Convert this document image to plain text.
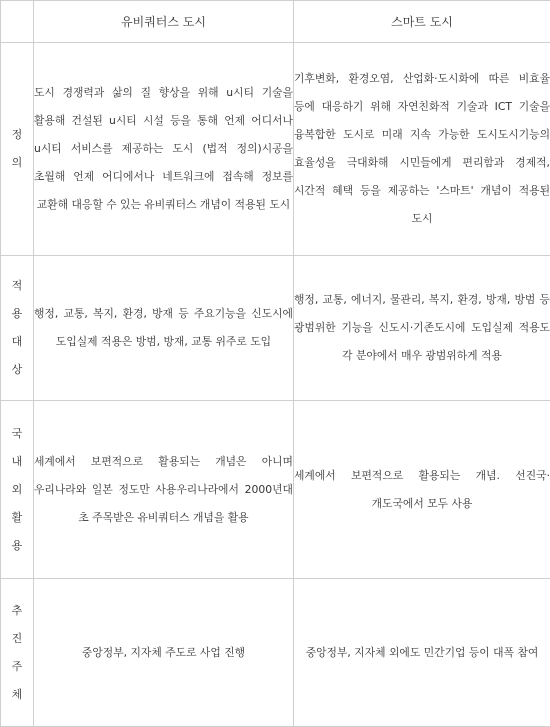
	유비쿼터스 도시	스마트 도시

정
의	도시 경쟁력과 삶의 질 향상을 위해 u시티 기술을 활용해 건설된 u시티 시설 등을 통해 언제 어디서나 u시티 서비스를 제공하는 도시 (법적 정의)시공을 초월해 언제 어디에서나 네트워크에 접속해 정보를 교환해 대응할 수 있는 유비쿼터스 개념이 적용된 도시	기후변화, 환경오염, 산업화·도시화에 따른 비효율 등에 대응하기 위해 자연친화적 기술과 ICT 기술을 융복합한 도시로 미래 지속 가능한 도시도시기능의 효율성을 극대화해 시민들에게 편리함과 경제적, 시간적 혜택 등을 제공하는 '스마트' 개념이 적용된 도시

적
용
대
상	행정, 교통, 복지, 환경, 방재 등 주요기능을 신도시에 도입실제 적용은 방범, 방재, 교통 위주로 도입	행정, 교통, 에너지, 물관리, 복지, 환경, 방재, 방범 등 광범위한 기능을 신도시·기존도시에 도입실제 적용도 각 분야에서 매우 광범위하게 적용

국
내
외
활
용	세계에서 보편적으로 활용되는 개념은 아니며 우리나라와 일본 정도만 사용우리나라에서 2000년대 초 주목받은 유비쿼터스 개념을 활용	세계에서 보편적으로 활용되는 개념. 선진국·개도국에서 모두 사용

추
진
주
체	중앙정부, 지자체 주도로 사업 진행	중앙정부, 지자체 외에도 민간기업 등이 대폭 참여
